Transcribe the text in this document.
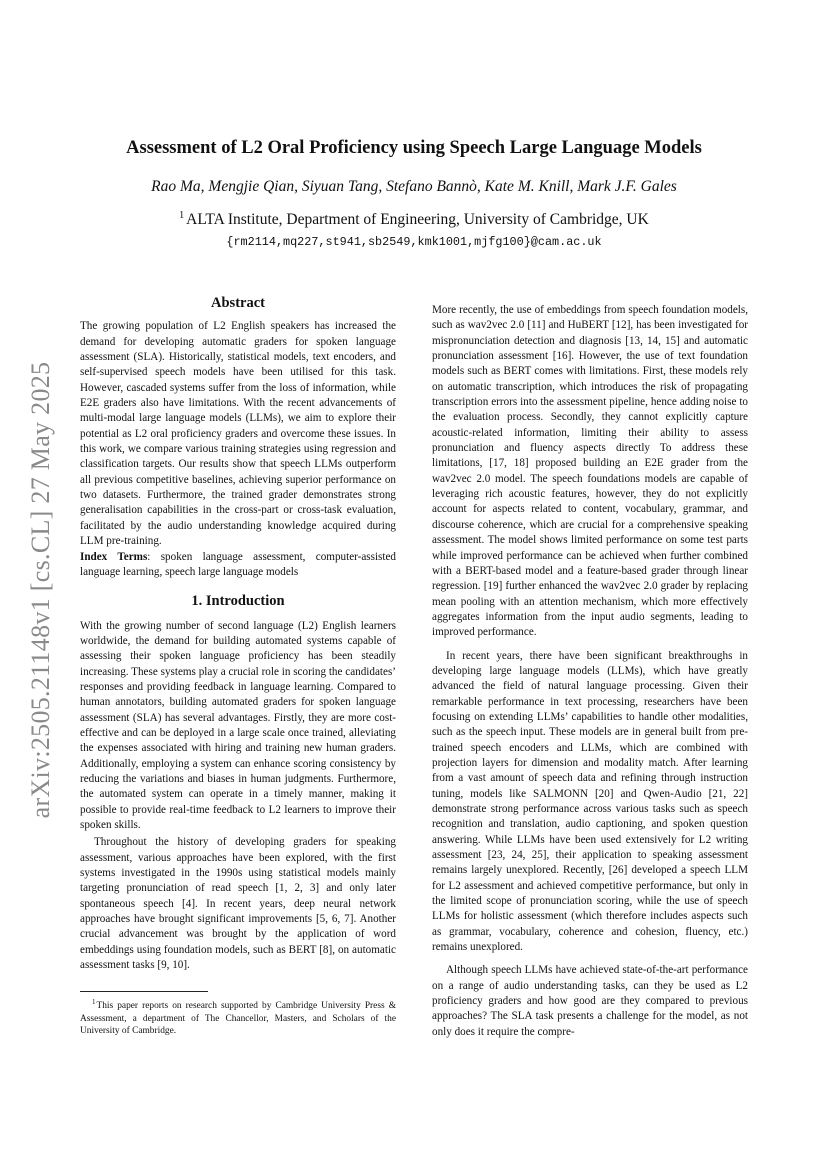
arXiv:2505.21148v1 [cs.CL] 27 May 2025
Assessment of L2 Oral Proficiency using Speech Large Language Models
Rao Ma, Mengjie Qian, Siyuan Tang, Stefano Bannò, Kate M. Knill, Mark J.F. Gales
$^1$ ALTA Institute, Department of Engineering, University of Cambridge, UK
{rm2114,mq227,st941,sb2549,kmk1001,mjfg100}@cam.ac.uk
Abstract

The growing population of L2 English speakers has increased the demand for developing automatic graders for spoken language assessment (SLA). Historically, statistical models, text encoders, and self-supervised speech models have been utilised for this task. However, cascaded systems suffer from the loss of information, while E2E graders also have limitations. With the recent advancements of multi-modal large language models (LLMs), we aim to explore their potential as L2 oral proficiency graders and overcome these issues. In this work, we compare various training strategies using regression and classification targets. Our results show that speech LLMs outperform all previous competitive baselines, achieving superior performance on two datasets. Furthermore, the trained grader demonstrates strong generalisation capabilities in the cross-part or cross-task evaluation, facilitated by the audio understanding knowledge acquired during LLM pre-training.

Index Terms: spoken language assessment, computer-assisted language learning, speech large language models

1. Introduction

With the growing number of second language (L2) English learners worldwide, the demand for building automated systems capable of assessing their spoken language proficiency has been steadily increasing. These systems play a crucial role in scoring the candidates’ responses and providing feedback in language learning. Compared to human annotators, building automated graders for spoken language assessment (SLA) has several advantages. Firstly, they are more cost-effective and can be deployed in a large scale once trained, alleviating the expenses associated with hiring and training new human graders. Additionally, employing a system can enhance scoring consistency by reducing the variations and biases in human judgments. Furthermore, the automated system can operate in a timely manner, making it possible to provide real-time feedback to L2 learners to improve their spoken skills.

Throughout the history of developing graders for speaking assessment, various approaches have been explored, with the first systems investigated in the 1990s using statistical models mainly targeting pronunciation of read speech [1, 2, 3] and only later spontaneous speech [4]. In recent years, deep neural network approaches have brought significant improvements [5, 6, 7]. Another crucial advancement was brought by the application of word embeddings using foundation models, such as BERT [8], on automatic assessment tasks [9, 10].

More recently, the use of embeddings from speech foundation models, such as wav2vec 2.0 [11] and HuBERT [12], has been investigated for mispronunciation detection and diagnosis [13, 14, 15] and automatic pronunciation assessment [16]. However, the use of text foundation models such as BERT comes with limitations. First, these models rely on automatic transcription, which introduces the risk of propagating transcription errors into the assessment pipeline, hence adding noise to the evaluation process. Secondly, they cannot explicitly capture acoustic-related information, limiting their ability to assess pronunciation and fluency aspects directly To address these limitations, [17, 18] proposed building an E2E grader from the wav2vec 2.0 model. The speech foundations models are capable of leveraging rich acoustic features, however, they do not explicitly account for aspects related to content, vocabulary, grammar, and discourse coherence, which are crucial for a comprehensive speaking assessment. The model shows limited performance on some test parts while improved performance can be achieved when further combined with a BERT-based model and a feature-based grader through linear regression. [19] further enhanced the wav2vec 2.0 grader by replacing mean pooling with an attention mechanism, which more effectively aggregates information from the input audio segments, leading to improved performance.

In recent years, there have been significant breakthroughs in developing large language models (LLMs), which have greatly advanced the field of natural language processing. Given their remarkable performance in text processing, researchers have been focusing on extending LLMs’ capabilities to handle other modalities, such as the speech input. These models are in general built from pre-trained speech encoders and LLMs, which are combined with projection layers for dimension and modality match. After learning from a vast amount of speech data and refining through instruction tuning, models like SALMONN [20] and Qwen-Audio [21, 22] demonstrate strong performance across various tasks such as speech recognition and translation, audio captioning, and spoken question answering. While LLMs have been used extensively for L2 writing assessment [23, 24, 25], their application to speaking assessment remains largely unexplored. Recently, [26] developed a speech LLM for L2 assessment and achieved competitive performance, but only in the limited scope of pronunciation scoring, while the use of speech LLMs for holistic assessment (which therefore includes aspects such as grammar, vocabulary, coherence and cohesion, fluency, etc.) remains unexplored.

Although speech LLMs have achieved state-of-the-art performance on a range of audio understanding tasks, can they be used as L2 proficiency graders and how good are they compared to previous approaches? The SLA task presents a challenge for the model, as not only does it require the compre-

$^1$This paper reports on research supported by Cambridge University Press & Assessment, a department of The Chancellor, Masters, and Scholars of the University of Cambridge.
